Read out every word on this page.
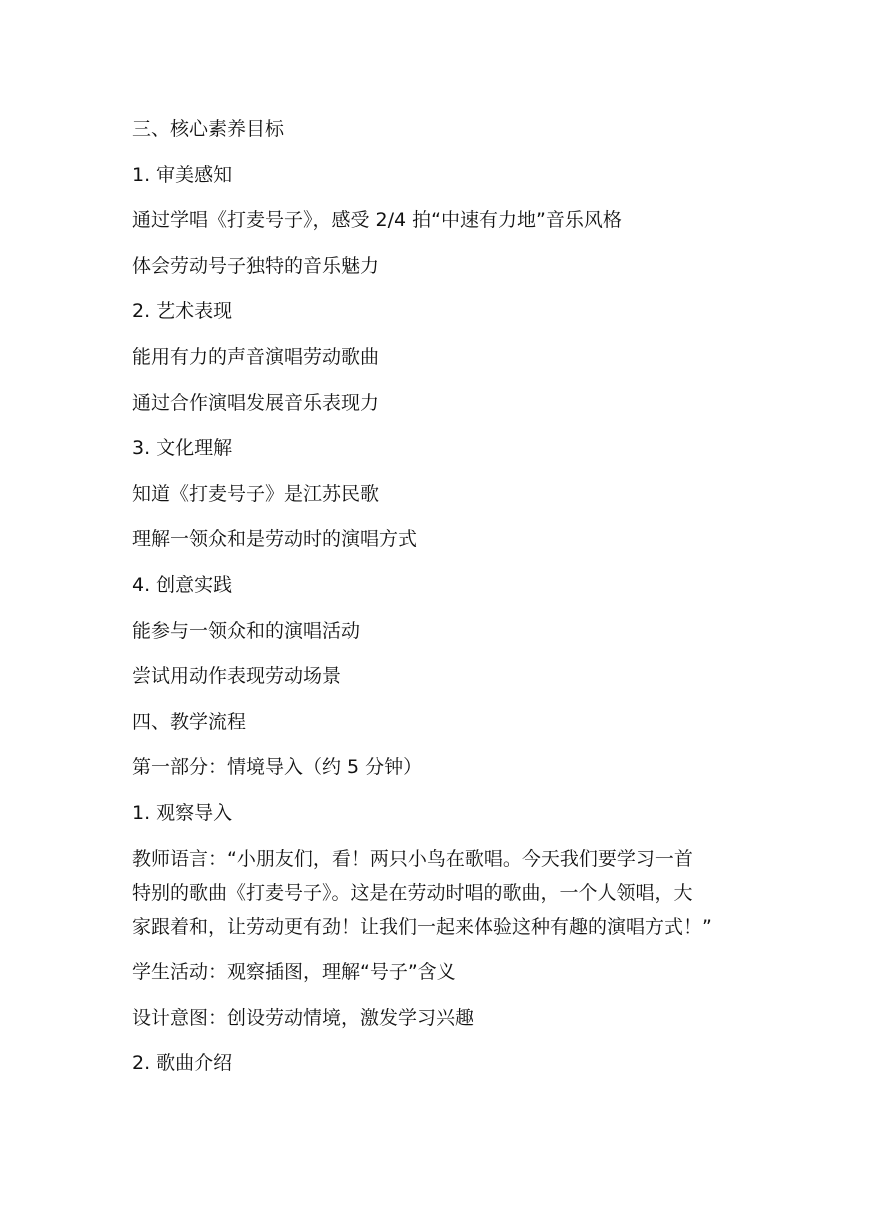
三、核心素养目标
1. 审美感知
通过学唱《打麦号子》，感受 2/4 拍“中速有力地”音乐风格
体会劳动号子独特的音乐魅力
2. 艺术表现
能用有力的声音演唱劳动歌曲
通过合作演唱发展音乐表现力
3. 文化理解
知道《打麦号子》是江苏民歌
理解一领众和是劳动时的演唱方式
4. 创意实践
能参与一领众和的演唱活动
尝试用动作表现劳动场景
四、教学流程
第一部分：情境导入（约 5 分钟）
1. 观察导入
教师语言：“小朋友们，看！两只小鸟在歌唱。今天我们要学习一首
特别的歌曲《打麦号子》。这是在劳动时唱的歌曲，一个人领唱，大
家跟着和，让劳动更有劲！让我们一起来体验这种有趣的演唱方式！”
学生活动：观察插图，理解“号子”含义
设计意图：创设劳动情境，激发学习兴趣
2. 歌曲介绍
